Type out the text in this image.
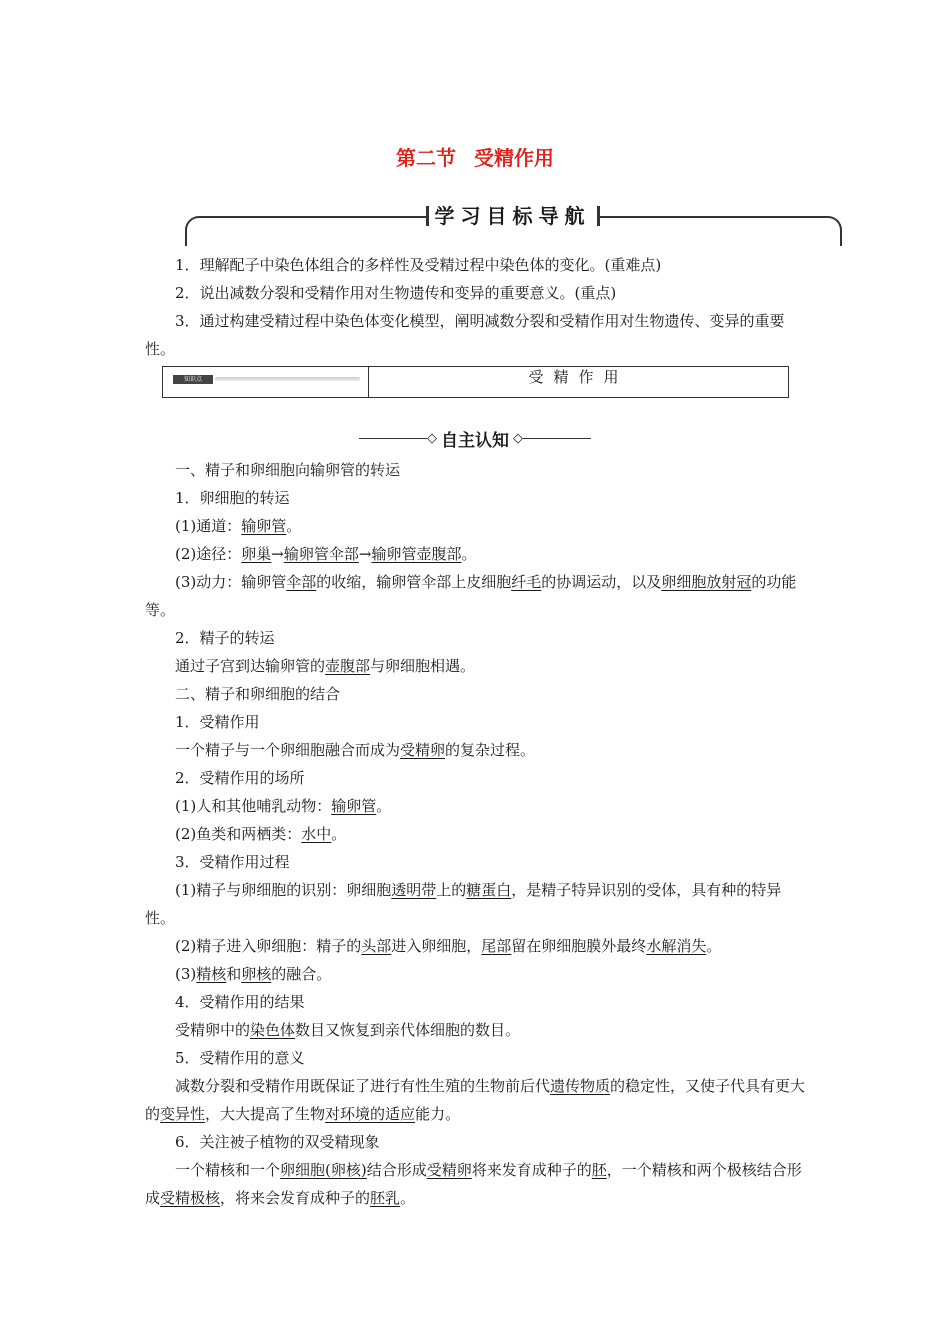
第二节 受精作用
学习目标导航
1．理解配子中染色体组合的多样性及受精过程中染色体的变化。(重难点)
2．说出减数分裂和受精作用对生物遗传和变异的重要意义。(重点)
3．通过构建受精过程中染色体变化模型，阐明减数分裂和受精作用对生物遗传、变异的重要性。
知识点	受精作用
◇ 自主认知 ◇

一、精子和卵细胞向输卵管的转运

1．卵细胞的转运

(1)通道：输卵管。

(2)途径：卵巢→输卵管伞部→输卵管壶腹部。

(3)动力：输卵管伞部的收缩，输卵管伞部上皮细胞纤毛的协调运动，以及卵细胞放射冠的功能等。

2．精子的转运

通过子宫到达输卵管的壶腹部与卵细胞相遇。

二、精子和卵细胞的结合

1．受精作用

一个精子与一个卵细胞融合而成为受精卵的复杂过程。

2．受精作用的场所

(1)人和其他哺乳动物：输卵管。

(2)鱼类和两栖类：水中。

3．受精作用过程

(1)精子与卵细胞的识别：卵细胞透明带上的糖蛋白，是精子特异识别的受体，具有种的特异性。

(2)精子进入卵细胞：精子的头部进入卵细胞，尾部留在卵细胞膜外最终水解消失。

(3)精核和卵核的融合。

4．受精作用的结果

受精卵中的染色体数目又恢复到亲代体细胞的数目。

5．受精作用的意义

减数分裂和受精作用既保证了进行有性生殖的生物前后代遗传物质的稳定性，又使子代具有更大的变异性，大大提高了生物对环境的适应能力。

6．关注被子植物的双受精现象

一个精核和一个卵细胞(卵核)结合形成受精卵将来发育成种子的胚，一个精核和两个极核结合形成受精极核，将来会发育成种子的胚乳。
